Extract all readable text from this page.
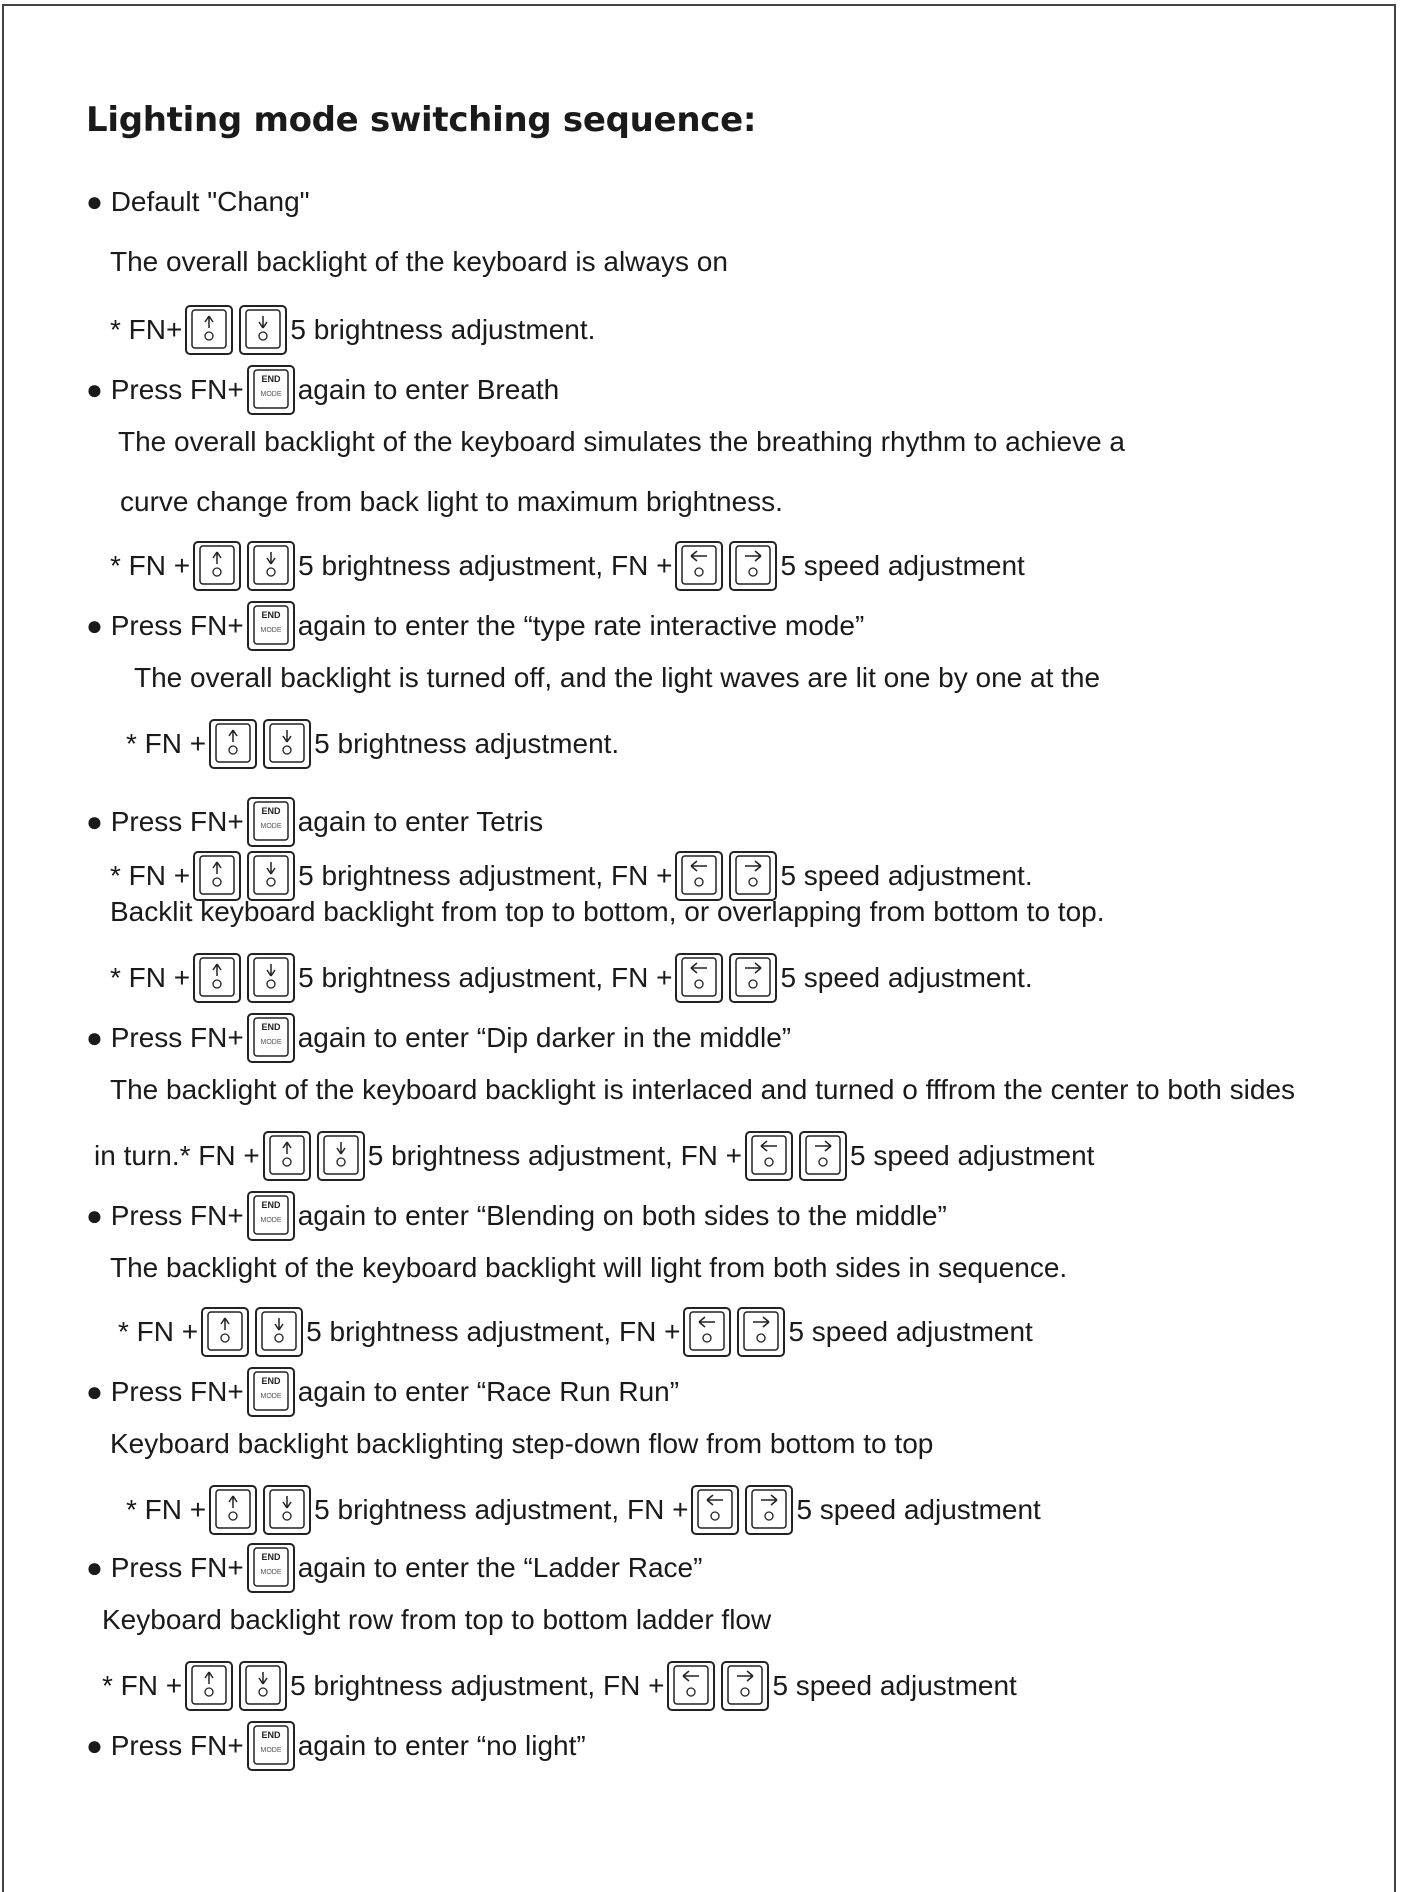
Lighting mode switching sequence:
●
Default "Chang"
The overall backlight of the keyboard is always on
* FN+	5 brightness adjustment.
●
Press FN+ END
MODE again to enter Breath
The overall backlight of the keyboard simulates the breathing rhythm to achieve a
curve change from back light to maximum brightness.
* FN +	5 brightness adjustment, FN +	5 speed adjustment
●
Press FN+ END
MODE again to enter the “type rate interactive mode”
The overall backlight is turned off, and the light waves are lit one by one at the
* FN +	5 brightness adjustment.
●
Press FN+ END
MODE again to enter Tetris
* FN +	5 brightness adjustment, FN +	5 speed adjustment.
Backlit keyboard backlight from top to bottom, or overlapping from bottom to top.
* FN +	5 brightness adjustment, FN +	5 speed adjustment.
●
Press FN+ END
MODE again to enter “Dip darker in the middle”
The backlight of the keyboard backlight is interlaced and turned o fffrom the center to both sides
in turn.* FN +	5 brightness adjustment, FN +	5 speed adjustment
●
Press FN+ END
MODE again to enter “Blending on both sides to the middle”
The backlight of the keyboard backlight will light from both sides in sequence.
* FN +	5 brightness adjustment, FN +	5 speed adjustment
●
Press FN+ END
MODE again to enter “Race Run Run”
Keyboard backlight backlighting step-down flow from bottom to top
* FN +	5 brightness adjustment, FN +	5 speed adjustment
●
Press FN+ END
MODE again to enter the “Ladder Race”
Keyboard backlight row from top to bottom ladder flow
* FN +	5 brightness adjustment, FN +	5 speed adjustment
●
Press FN+ END
MODE again to enter “no light”
